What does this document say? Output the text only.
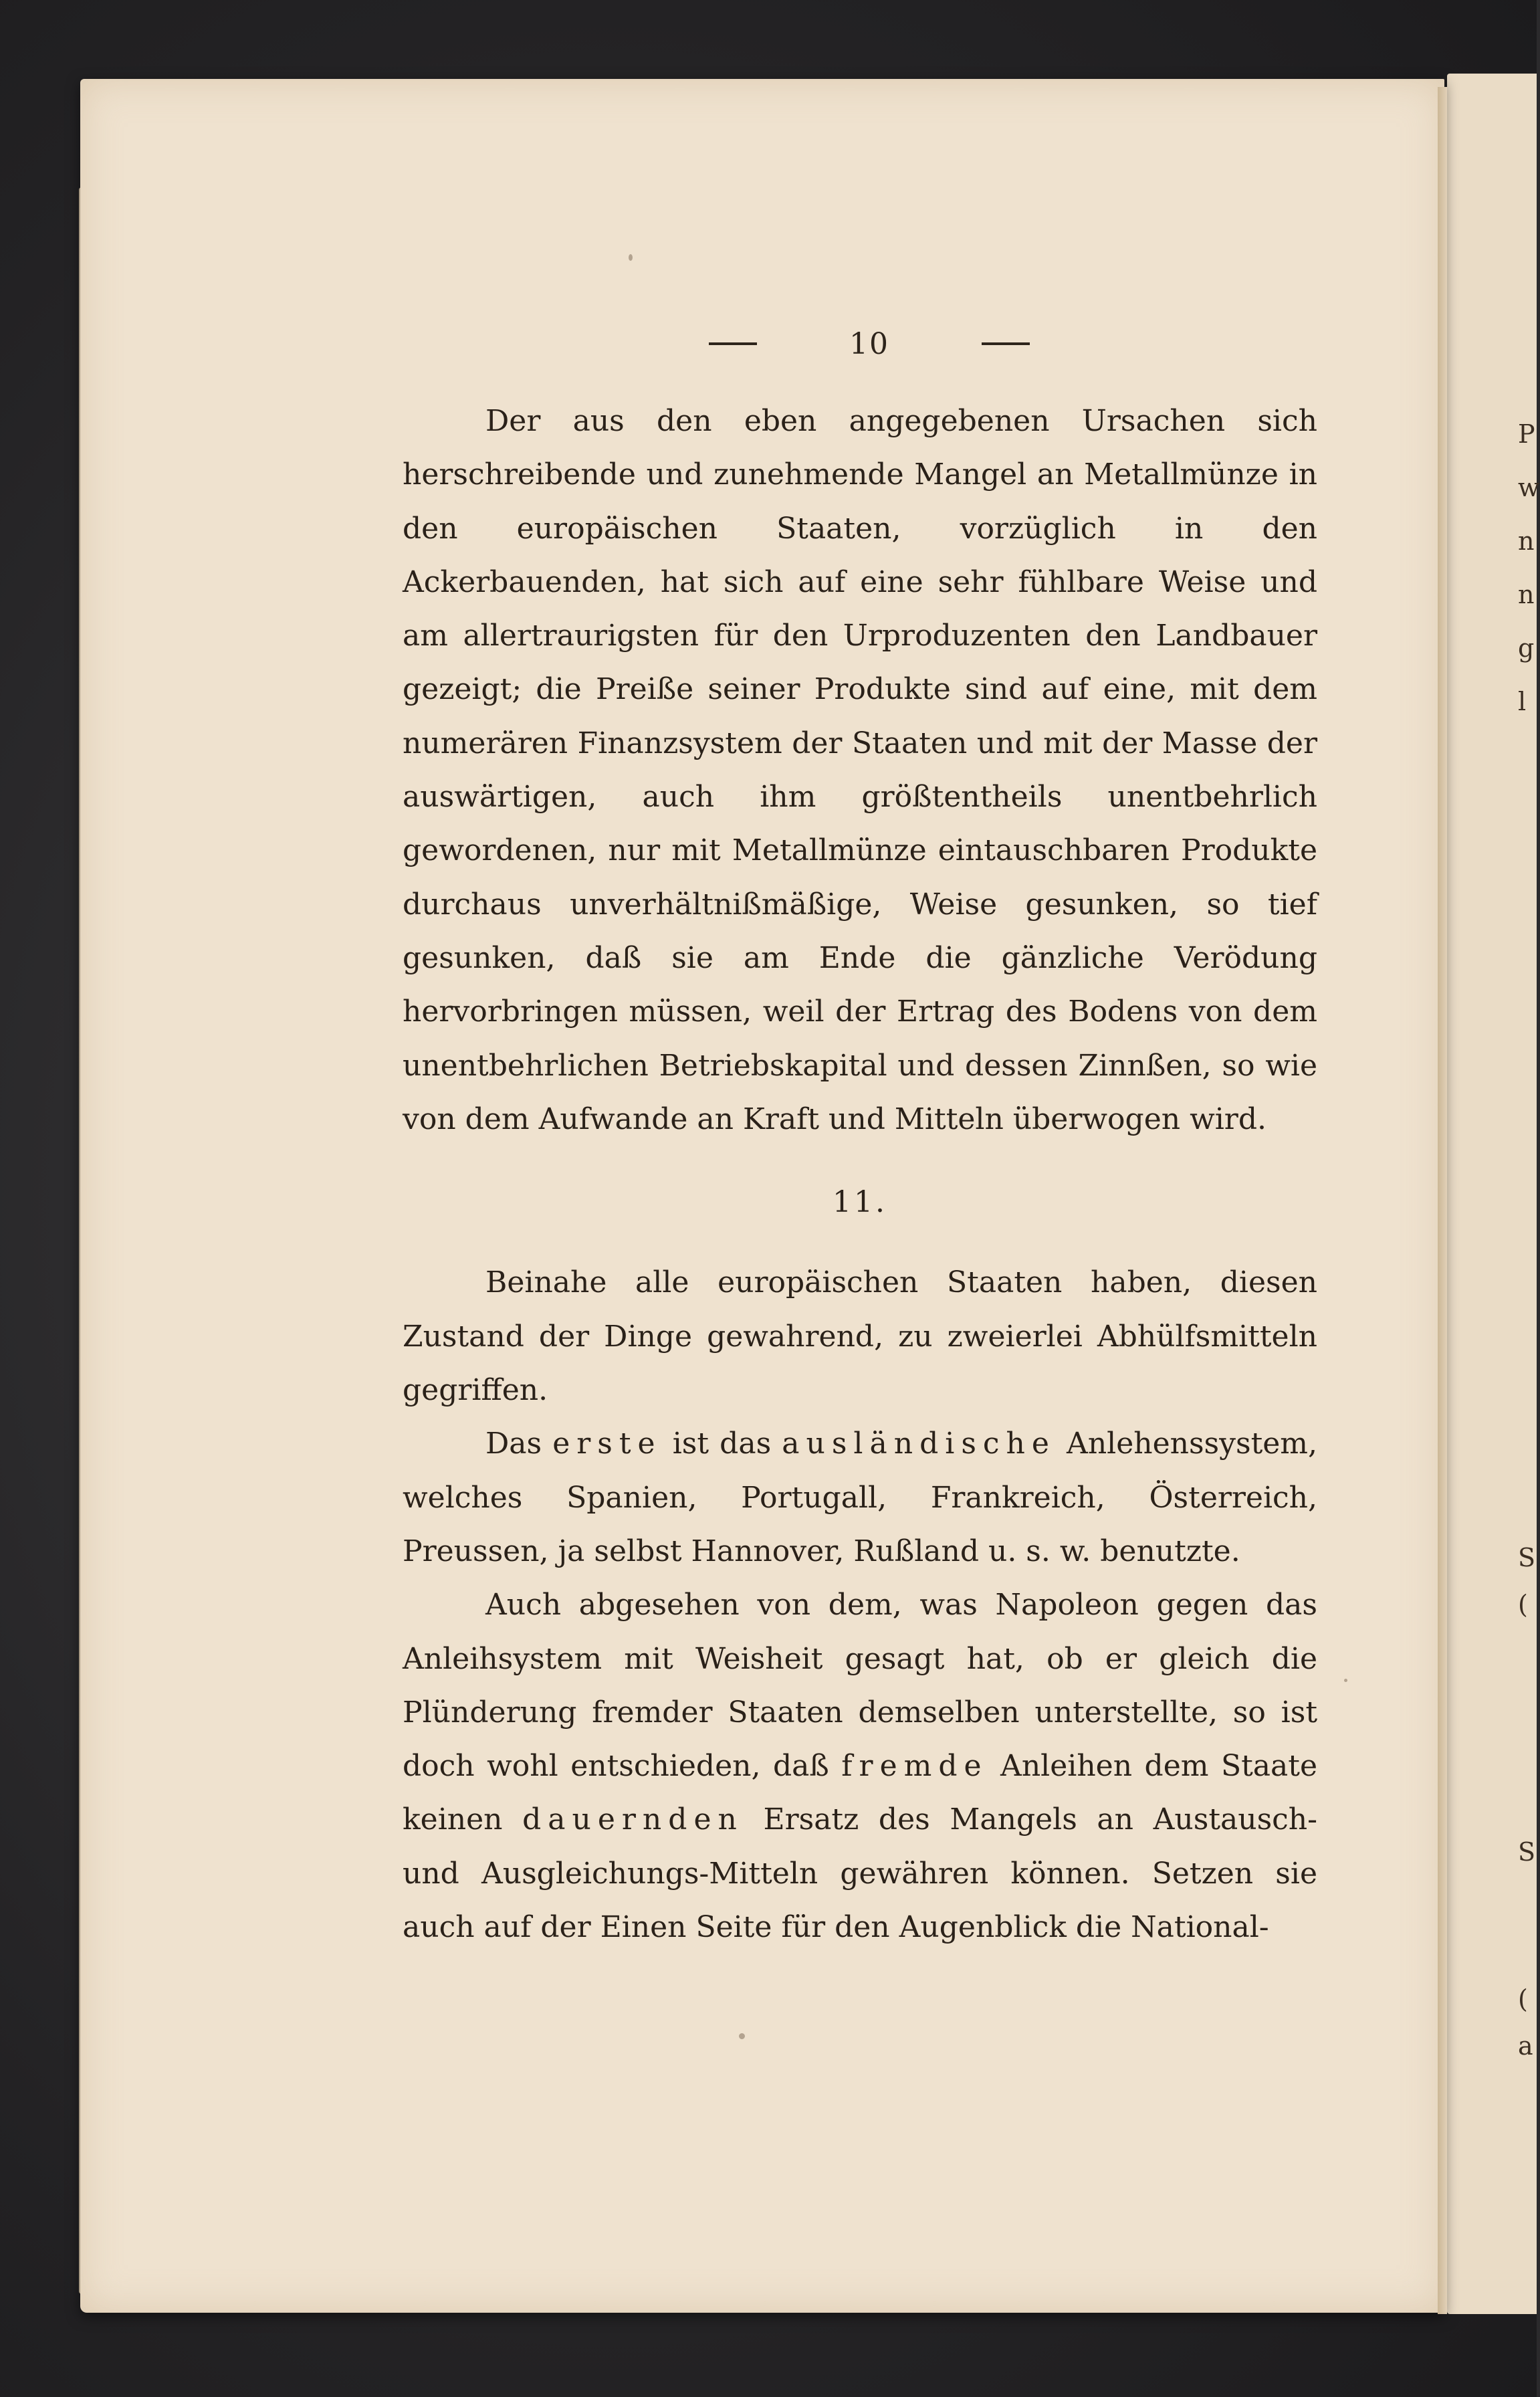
P
w
n
n
g
l
S
(
S
(
a
10

Der aus den eben angegebenen Ursachen sich herschreibende und zunehmende Mangel an Metallmünze in den europäischen Staaten, vorzüglich in den Ackerbauenden, hat sich auf eine sehr fühlbare Weise und am allertraurigsten für den Urproduzenten den Landbauer gezeigt; die Preiße seiner Produkte sind auf eine, mit dem numerären Finanzsystem der Staaten und mit der Masse der auswärtigen, auch ihm größtentheils unentbehrlich gewordenen, nur mit Metallmünze eintauschbaren Produkte durchaus unverhältnißmäßige, Weise gesunken, so tief gesunken, daß sie am Ende die gänzliche Verödung hervorbringen müssen, weil der Ertrag des Bodens von dem unentbehrlichen Betriebskapital und dessen Zinnßen, so wie von dem Aufwande an Kraft und Mitteln überwogen wird.

11.

Beinahe alle europäischen Staaten haben, diesen Zustand der Dinge gewahrend, zu zweierlei Abhülfsmitteln gegriffen.

Das erste ist das ausländische Anlehenssystem, welches Spanien, Portugall, Frankreich, Österreich, Preussen, ja selbst Hannover, Rußland u. s. w. benutzte.

Auch abgesehen von dem, was Napoleon gegen das Anleihsystem mit Weisheit gesagt hat, ob er gleich die Plünderung fremder Staaten demselben unterstellte, so ist doch wohl entschieden, daß fremde Anleihen dem Staate keinen dauernden Ersatz des Mangels an Austausch- und Ausgleichungs-Mitteln gewähren können. Setzen sie auch auf der Einen Seite für den Augenblick die National-
